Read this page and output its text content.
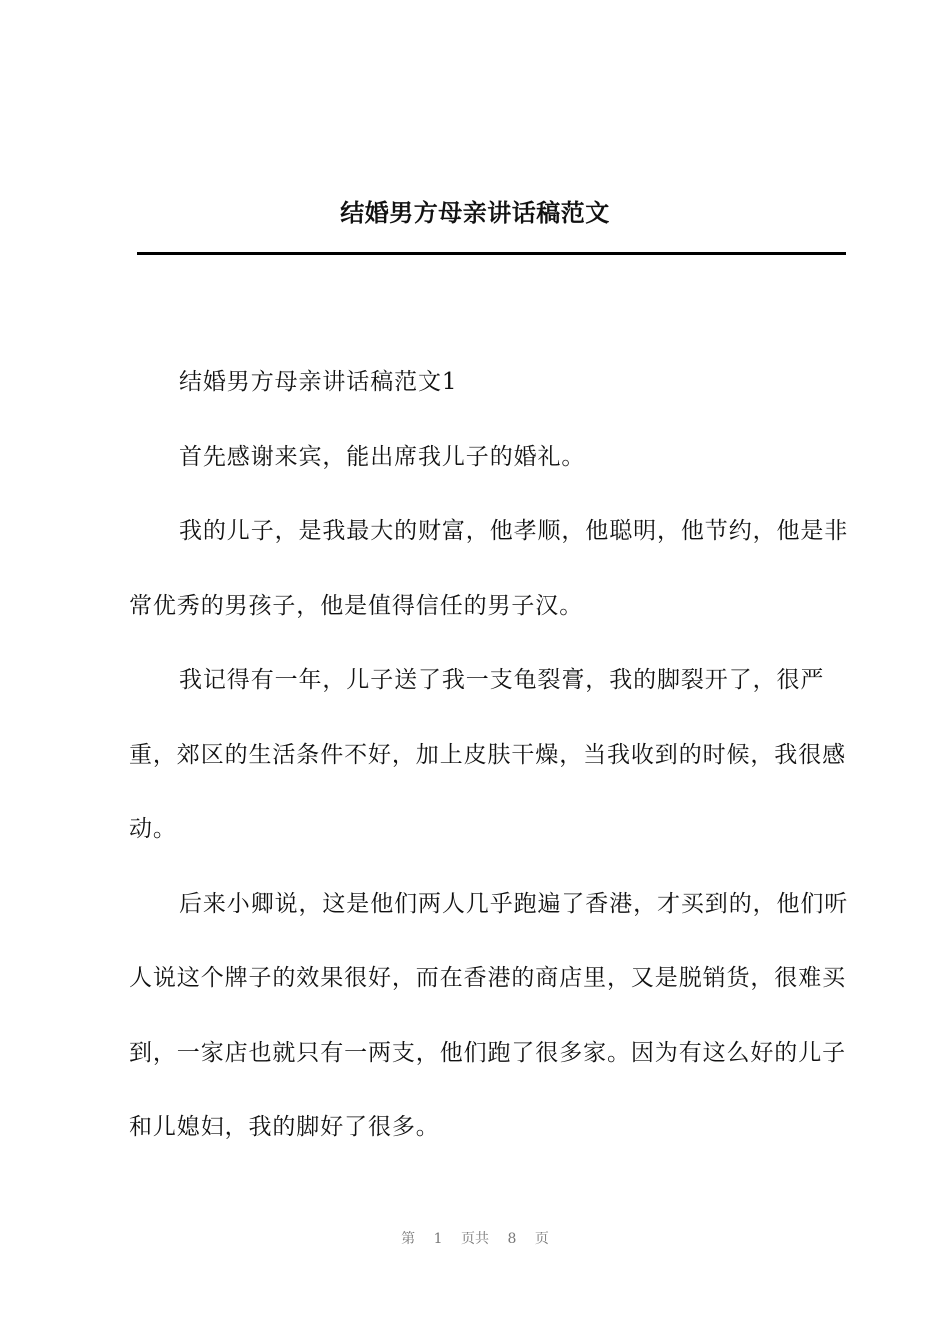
结婚男方母亲讲话稿范文

结婚男方母亲讲话稿范文1

首先感谢来宾，能出席我儿子的婚礼。

我的儿子，是我最大的财富，他孝顺，他聪明，他节约，他是非常优秀的男孩子，他是值得信任的男子汉。

我记得有一年，儿子送了我一支龟裂膏，我的脚裂开了，很严重，郊区的生活条件不好，加上皮肤干燥，当我收到的时候，我很感动。

后来小卿说，这是他们两人几乎跑遍了香港，才买到的，他们听人说这个牌子的效果很好，而在香港的商店里，又是脱销货，很难买到，一家店也就只有一两支，他们跑了很多家。因为有这么好的儿子和儿媳妇，我的脚好了很多。

第 1 页共 8 页
